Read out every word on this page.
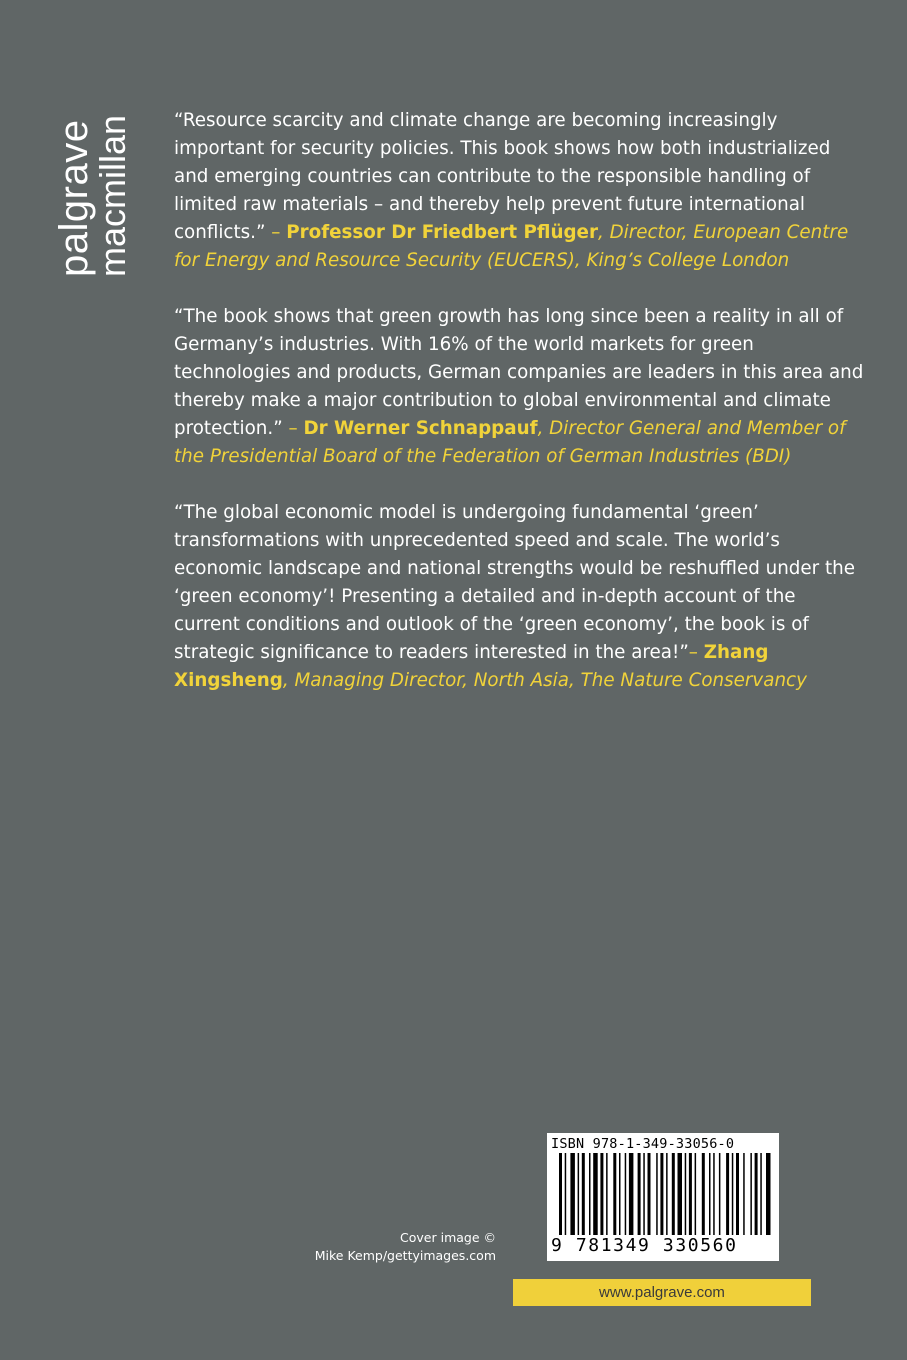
palgrave
macmillan “Resource scarcity and climate change are becoming increasingly important for security policies. This book shows how both industrialized and emerging countries can contribute to the responsible handling of limited raw materials – and thereby help prevent future international conflicts.” – Professor Dr Friedbert Pflüger, Director, European Centre for Energy and Resource Security (EUCERS), King’s College London

“The book shows that green growth has long since been a reality in all of Germany’s industries. With 16% of the world markets for green technologies and products, German companies are leaders in this area and thereby make a major contribution to global environmental and climate protection.” – Dr Werner Schnappauf, Director General and Member of the Presidential Board of the Federation of German Industries (BDI)

“The global economic model is undergoing fundamental ‘green’ transformations with unprecedented speed and scale. The world’s economic landscape and national strengths would be reshuffled under the ‘green economy’! Presenting a detailed and in-depth account of the current conditions and outlook of the ‘green economy’, the book is of strategic significance to readers interested in the area!”– Zhang Xingsheng, Managing Director, North Asia, The Nature Conservancy

Cover image ©
Mike Kemp/gettyimages.com
ISBN 978-1-349-33056-0
9 781349 330560
www.palgrave.com
